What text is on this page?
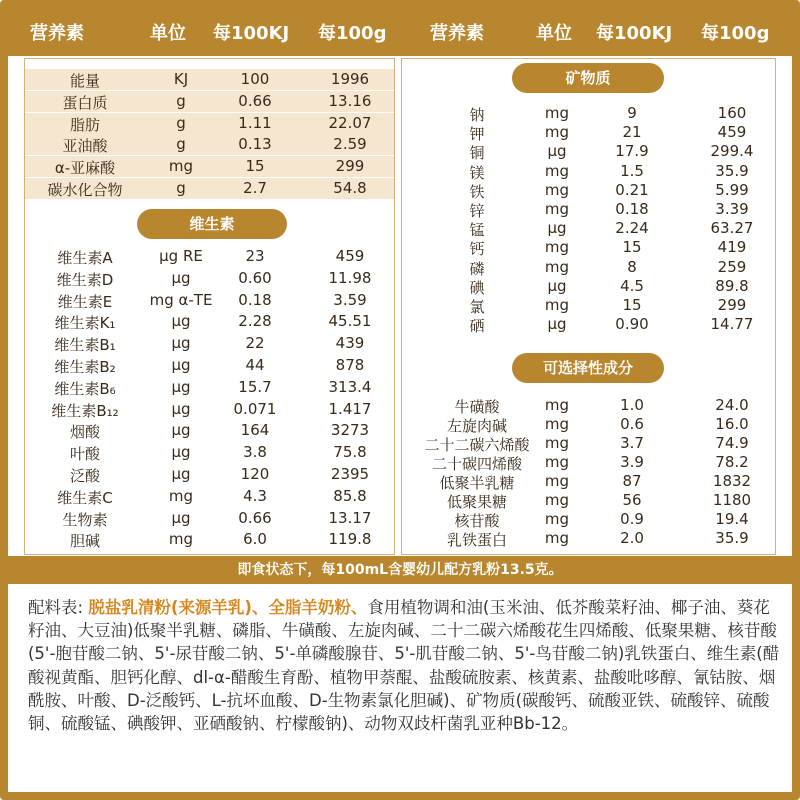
营养素	单位 每100KJ 每100g 营养素	单位 每100KJ 每100g
维生素
能量	KJ	100	1996
蛋白质	g	0.66	13.16
脂肪	g	1.11	22.07
亚油酸	g	0.13	2.59
α-亚麻酸	mg	15	299
碳水化合物	g	2.7	54.8
维生素A	μg RE	23	459
维生素D	μg	0.60	11.98
维生素E	mg α-TE	0.18	3.59
维生素K₁	μg	2.28	45.51
维生素B₁	μg	22	439
维生素B₂	μg	44	878
维生素B₆	μg	15.7	313.4
维生素B₁₂	μg	0.071	1.417
烟酸	μg	164	3273
叶酸	μg	3.8	75.8
泛酸	μg	120	2395
维生素C	mg	4.3	85.8
生物素	μg	0.66	13.17
胆碱	mg	6.0	119.8
矿物质
可选择性成分
钠	mg	9	160
钾	mg	21	459
铜	μg	17.9	299.4
镁	mg	1.5	35.9
铁	mg	0.21	5.99
锌	mg	0.18	3.39
锰	μg	2.24	63.27
钙	mg	15	419
磷	mg	8	259
碘	μg	4.5	89.8
氯	mg	15	299
硒	μg	0.90	14.77
牛磺酸	mg	1.0	24.0
左旋肉碱	mg	0.6	16.0
二十二碳六烯酸	mg	3.7	74.9
二十碳四烯酸	mg	3.9	78.2
低聚半乳糖	mg	87	1832
低聚果糖	mg	56	1180
核苷酸	mg	0.9	19.4
乳铁蛋白	mg	2.0	35.9
即食状态下，每100mL含婴幼儿配方乳粉13.5克。
配料表: 脱盐乳清粉(来源羊乳)、全脂羊奶粉、食用植物调和油(玉米油、低芥酸菜籽油、椰子油、葵花籽油、大豆油)低聚半乳糖、磷脂、牛磺酸、左旋肉碱、二十二碳六烯酸花生四烯酸、低聚果糖、核苷酸(5'-胞苷酸二钠、5'-尿苷酸二钠、5'-单磷酸腺苷、5'-肌苷酸二钠、5'-鸟苷酸二钠)乳铁蛋白、维生素(醋酸视黄酯、胆钙化醇、dl-α-醋酸生育酚、植物甲萘醌、盐酸硫胺素、核黄素、盐酸吡哆醇、氰钴胺、烟酰胺、叶酸、D-泛酸钙、L-抗坏血酸、D-生物素氯化胆碱)、矿物质(碳酸钙、硫酸亚铁、硫酸锌、硫酸铜、硫酸锰、碘酸钾、亚硒酸钠、柠檬酸钠)、动物双歧杆菌乳亚种Bb-12。
